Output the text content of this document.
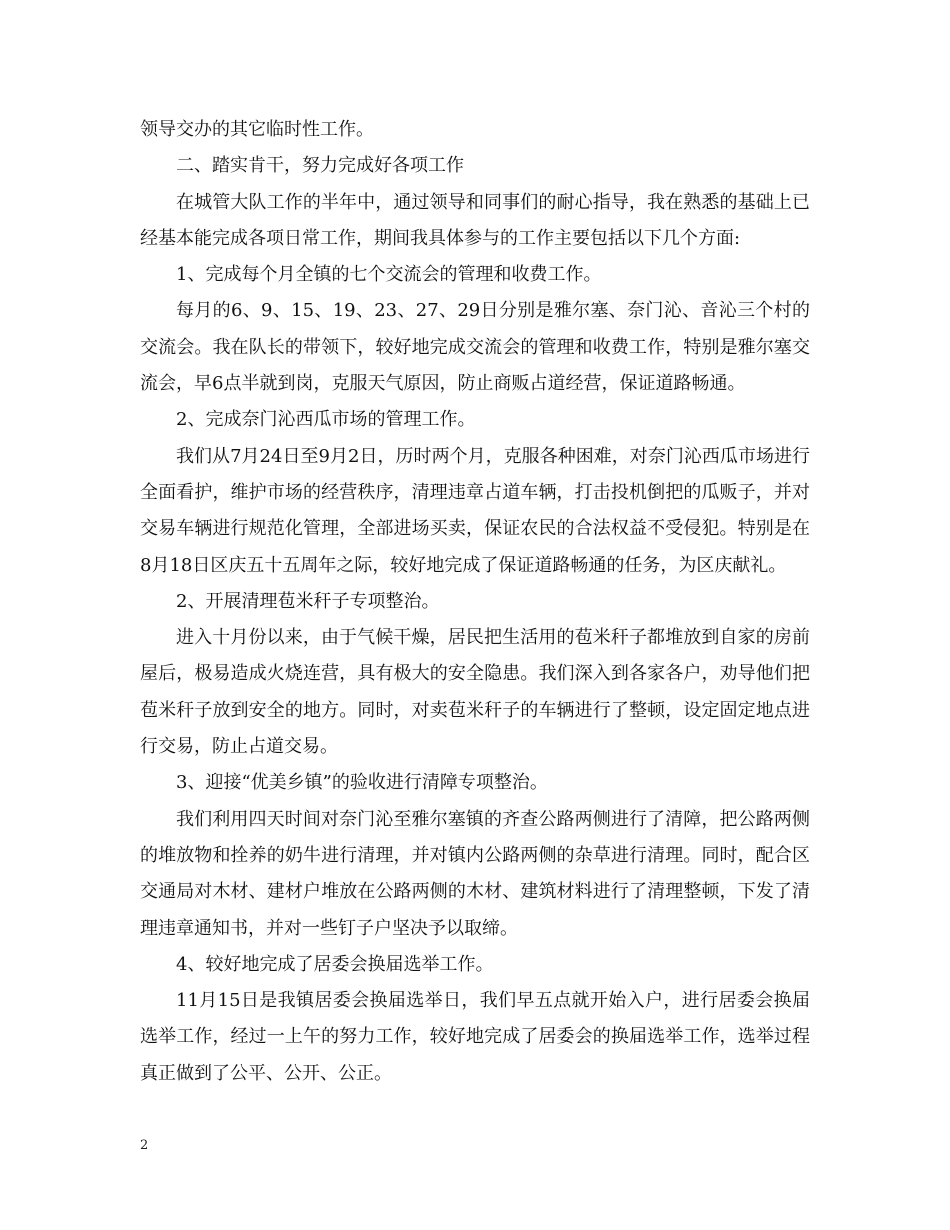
领导交办的其它临时性工作。

二、踏实肯干，努力完成好各项工作

在城管大队工作的半年中，通过领导和同事们的耐心指导，我在熟悉的基础上已经基本能完成各项日常工作，期间我具体参与的工作主要包括以下几个方面:

1、完成每个月全镇的七个交流会的管理和收费工作。

每月的6、9、15、19、23、27、29日分别是雅尔塞、奈门沁、音沁三个村的交流会。我在队长的带领下，较好地完成交流会的管理和收费工作，特别是雅尔塞交流会，早6点半就到岗，克服天气原因，防止商贩占道经营，保证道路畅通。

2、完成奈门沁西瓜市场的管理工作。

我们从7月24日至9月2日，历时两个月，克服各种困难，对奈门沁西瓜市场进行全面看护，维护市场的经营秩序，清理违章占道车辆，打击投机倒把的瓜贩子，并对交易车辆进行规范化管理，全部进场买卖，保证农民的合法权益不受侵犯。特别是在8月18日区庆五十五周年之际，较好地完成了保证道路畅通的任务，为区庆献礼。

2、开展清理苞米秆子专项整治。

进入十月份以来，由于气候干燥，居民把生活用的苞米秆子都堆放到自家的房前屋后，极易造成火烧连营，具有极大的安全隐患。我们深入到各家各户，劝导他们把苞米秆子放到安全的地方。同时，对卖苞米秆子的车辆进行了整顿，设定固定地点进行交易，防止占道交易。

3、迎接“优美乡镇”的验收进行清障专项整治。

我们利用四天时间对奈门沁至雅尔塞镇的齐查公路两侧进行了清障，把公路两侧的堆放物和拴养的奶牛进行清理，并对镇内公路两侧的杂草进行清理。同时，配合区交通局对木材、建材户堆放在公路两侧的木材、建筑材料进行了清理整顿，下发了清理违章通知书，并对一些钉子户坚决予以取缔。

4、较好地完成了居委会换届选举工作。

11月15日是我镇居委会换届选举日，我们早五点就开始入户，进行居委会换届选举工作，经过一上午的努力工作，较好地完成了居委会的换届选举工作，选举过程真正做到了公平、公开、公正。

2
